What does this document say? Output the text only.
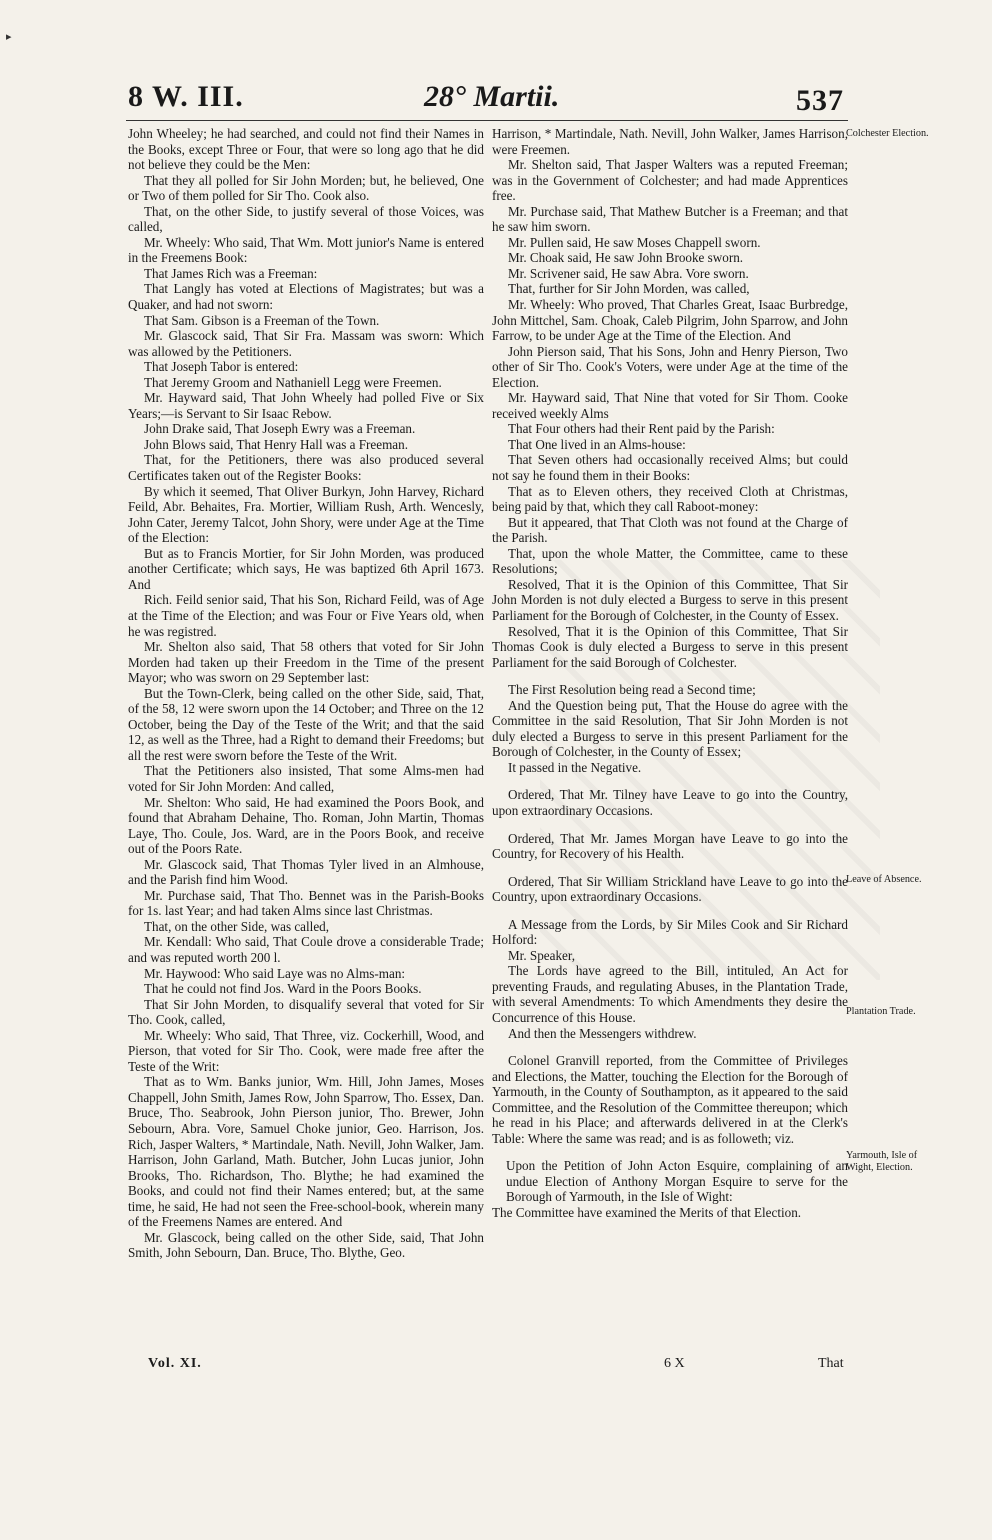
8 W. III.	28° Martii.	537
▸

John Wheeley; he had searched, and could not find their Names in the Books, except Three or Four, that were so long ago that he did not believe they could be the Men:

That they all polled for Sir John Morden; but, he believed, One or Two of them polled for Sir Tho. Cook also.

That, on the other Side, to justify several of those Voices, was called,

Mr. Wheely: Who said, That Wm. Mott junior's Name is entered in the Freemens Book:

That James Rich was a Freeman:

That Langly has voted at Elections of Magistrates; but was a Quaker, and had not sworn:

That Sam. Gibson is a Freeman of the Town.

Mr. Glascock said, That Sir Fra. Massam was sworn: Which was allowed by the Petitioners.

That Joseph Tabor is entered:

That Jeremy Groom and Nathaniell Legg were Freemen.

Mr. Hayward said, That John Wheely had polled Five or Six Years;—is Servant to Sir Isaac Rebow.

John Drake said, That Joseph Ewry was a Freeman.

John Blows said, That Henry Hall was a Freeman.

That, for the Petitioners, there was also produced several Certificates taken out of the Register Books:

By which it seemed, That Oliver Burkyn, John Harvey, Richard Feild, Abr. Behaites, Fra. Mortier, William Rush, Arth. Wencesly, John Cater, Jeremy Talcot, John Shory, were under Age at the Time of the Election:

But as to Francis Mortier, for Sir John Morden, was produced another Certificate; which says, He was baptized 6th April 1673. And

Rich. Feild senior said, That his Son, Richard Feild, was of Age at the Time of the Election; and was Four or Five Years old, when he was registred.

Mr. Shelton also said, That 58 others that voted for Sir John Morden had taken up their Freedom in the Time of the present Mayor; who was sworn on 29 September last:

But the Town-Clerk, being called on the other Side, said, That, of the 58, 12 were sworn upon the 14 October; and Three on the 12 October, being the Day of the Teste of the Writ; and that the said 12, as well as the Three, had a Right to demand their Freedoms; but all the rest were sworn before the Teste of the Writ.

That the Petitioners also insisted, That some Alms-men had voted for Sir John Morden: And called,

Mr. Shelton: Who said, He had examined the Poors Book, and found that Abraham Dehaine, Tho. Roman, John Martin, Thomas Laye, Tho. Coule, Jos. Ward, are in the Poors Book, and receive out of the Poors Rate.

Mr. Glascock said, That Thomas Tyler lived in an Almhouse, and the Parish find him Wood.

Mr. Purchase said, That Tho. Bennet was in the Parish-Books for 1s. last Year; and had taken Alms since last Christmas.

That, on the other Side, was called,

Mr. Kendall: Who said, That Coule drove a considerable Trade; and was reputed worth 200 l.

Mr. Haywood: Who said Laye was no Alms-man:

That he could not find Jos. Ward in the Poors Books.

That Sir John Morden, to disqualify several that voted for Sir Tho. Cook, called,

Mr. Wheely: Who said, That Three, viz. Cockerhill, Wood, and Pierson, that voted for Sir Tho. Cook, were made free after the Teste of the Writ:

That as to Wm. Banks junior, Wm. Hill, John James, Moses Chappell, John Smith, James Row, John Sparrow, Tho. Essex, Dan. Bruce, Tho. Seabrook, John Pierson junior, Tho. Brewer, John Sebourn, Abra. Vore, Samuel Choke junior, Geo. Harrison, Jos. Rich, Jasper Walters, * Martindale, Nath. Nevill, John Walker, Jam. Harrison, John Garland, Math. Butcher, John Lucas junior, John Brooks, Tho. Richardson, Tho. Blythe; he had examined the Books, and could not find their Names entered; but, at the same time, he said, He had not seen the Free-school-book, wherein many of the Freemens Names are entered. And

Mr. Glascock, being called on the other Side, said, That John Smith, John Sebourn, Dan. Bruce, Tho. Blythe, Geo.

Harrison, * Martindale, Nath. Nevill, John Walker, James Harrison, were Freemen.

Mr. Shelton said, That Jasper Walters was a reputed Freeman; was in the Government of Colchester; and had made Apprentices free.

Mr. Purchase said, That Mathew Butcher is a Freeman; and that he saw him sworn.

Mr. Pullen said, He saw Moses Chappell sworn.

Mr. Choak said, He saw John Brooke sworn.

Mr. Scrivener said, He saw Abra. Vore sworn.

That, further for Sir John Morden, was called,

Mr. Wheely: Who proved, That Charles Great, Isaac Burbredge, John Mittchel, Sam. Choak, Caleb Pilgrim, John Sparrow, and John Farrow, to be under Age at the Time of the Election. And

John Pierson said, That his Sons, John and Henry Pierson, Two other of Sir Tho. Cook's Voters, were under Age at the time of the Election.

Mr. Hayward said, That Nine that voted for Sir Thom. Cooke received weekly Alms

That Four others had their Rent paid by the Parish:

That One lived in an Alms-house:

That Seven others had occasionally received Alms; but could not say he found them in their Books:

That as to Eleven others, they received Cloth at Christmas, being paid by that, which they call Raboot-money:

But it appeared, that That Cloth was not found at the Charge of the Parish.

That, upon the whole Matter, the Committee, came to these Resolutions;

Resolved, That it is the Opinion of this Committee, That Sir John Morden is not duly elected a Burgess to serve in this present Parliament for the Borough of Colchester, in the County of Essex.

Resolved, That it is the Opinion of this Committee, That Sir Thomas Cook is duly elected a Burgess to serve in this present Parliament for the said Borough of Colchester.

The First Resolution being read a Second time;

And the Question being put, That the House do agree with the Committee in the said Resolution, That Sir John Morden is not duly elected a Burgess to serve in this present Parliament for the Borough of Colchester, in the County of Essex;

It passed in the Negative.

Ordered, That Mr. Tilney have Leave to go into the Country, upon extraordinary Occasions.

Ordered, That Mr. James Morgan have Leave to go into the Country, for Recovery of his Health.

Ordered, That Sir William Strickland have Leave to go into the Country, upon extraordinary Occasions.

A Message from the Lords, by Sir Miles Cook and Sir Richard Holford:

Mr. Speaker,

The Lords have agreed to the Bill, intituled, An Act for preventing Frauds, and regulating Abuses, in the Plantation Trade, with several Amendments: To which Amendments they desire the Concurrence of this House.

And then the Messengers withdrew.

Colonel Granvill reported, from the Committee of Privileges and Elections, the Matter, touching the Election for the Borough of Yarmouth, in the County of Southampton, as it appeared to the said Committee, and the Resolution of the Committee thereupon; which he read in his Place; and afterwards delivered in at the Clerk's Table: Where the same was read; and is as followeth; viz.

Upon the Petition of John Acton Esquire, complaining of an undue Election of Anthony Morgan Esquire to serve for the Borough of Yarmouth, in the Isle of Wight:

The Committee have examined the Merits of that Election.

Colchester Election.
Leave of Absence.
Plantation Trade.
Yarmouth, Isle of Wight, Election.
Vol. XI.	6 X	That
